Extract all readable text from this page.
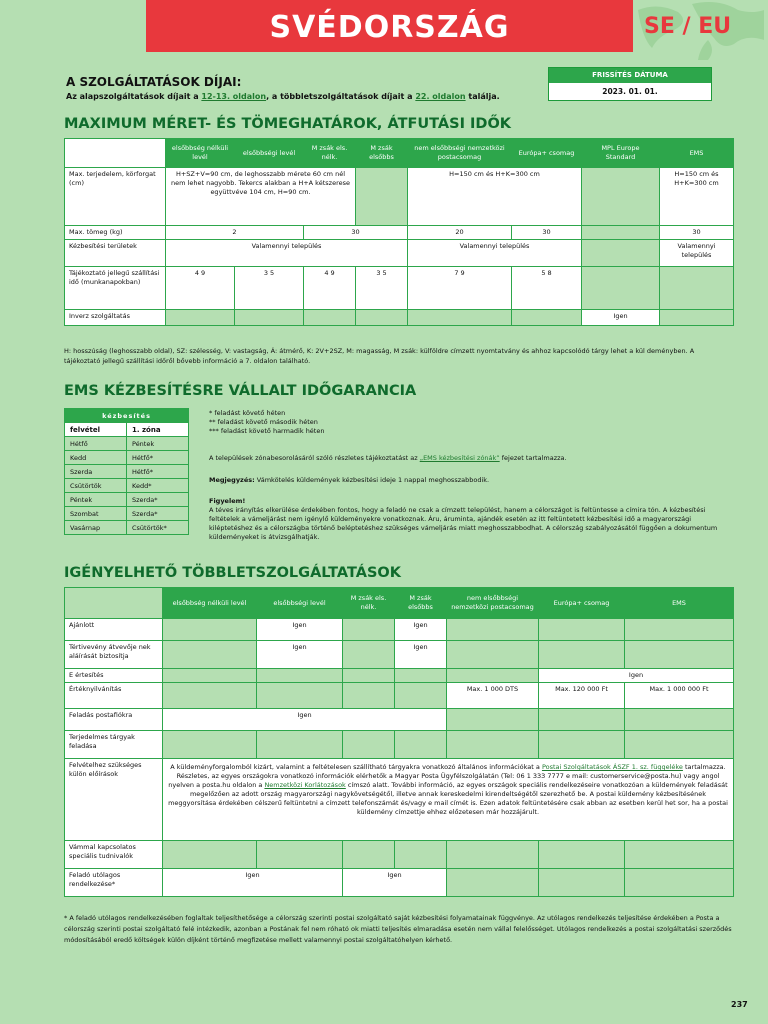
SVÉDORSZÁG	SE / EU
A SZOLGÁLTATÁSOK DÍJAI:
Az alapszolgáltatások díjait a 12-13. oldalon, a többletszolgáltatások díjait a 22. oldalon találja.
FRISSÍTÉS DÁTUMA
2023. 01. 01.
MAXIMUM MÉRET- ÉS TÖMEGHATÁROK, ÁTFUTÁSI IDŐK
	elsőbbség nélküli levél	elsőbbségi levél	M zsák els. nélk.	M zsák elsőbbs	nem elsőbbségi nemzetközi postacsomag	Európa+ csomag	MPL Europe Standard	EMS
Max. terjedelem, körforgat (cm)	H+SZ+V=90 cm, de leghosszabb mérete 60 cm nél nem lehet nagyobb. Tekercs alakban a H+A kétszerese együttvéve 104 cm, H=90 cm.				H=150 cm és H+K=300 cm			H=150 cm és H+K=300 cm
Max. tömeg (kg)	2		30		20	30		30
Kézbesítési területek	Valamennyi település				Valamennyi település			Valamennyi település
Tájékoztató jellegű szállítási idő (munkanapokban)	4 9	3 5	4 9	3 5	7 9	5 8		
Inverz szolgáltatás							Igen	
H: hosszúság (leghosszabb oldal), SZ: szélesség, V: vastagság, Á: átmérő, K: 2V+2SZ, M: magasság, M zsák: külföldre címzett nyomtatvány és ahhoz kapcsolódó tárgy lehet a kül deményben. A tájékoztató jellegű szállítási időről bővebb információ a 7. oldalon található.
EMS KÉZBESÍTÉSRE VÁLLALT IDŐGARANCIA
kézbesítés	
felvétel	1. zóna
Hétfő	Péntek
Kedd	Hétfő*
Szerda	Hétfő*
Csütörtök	Kedd*
Péntek	Szerda*
Szombat	Szerda*
Vasárnap	Csütörtök*
* feladást követő héten
** feladást követő második héten
*** feladást követő harmadik héten
A települések zónabesorolásáról szóló részletes tájékoztatást az „EMS kézbesítési zónák” fejezet tartalmazza.
Megjegyzés: Vámkötelés küldemények kézbesítési ideje 1 nappal meghosszabbodik.
Figyelem!
A téves irányítás elkerülése érdekében fontos, hogy a feladó ne csak a címzett települést, hanem a célországot is feltüntesse a címira tón. A kézbesítési feltételek a vámeljárást nem igénylő küldeményekre vonatkoznak. Áru, áruminta, ajándék esetén az itt feltüntetett kézbesítési idő a magyarországi kiléptetéshez és a célországba történő beléptetéshez szükséges vámeljárás miatt meghosszabbodhat. A célország szabályozásától függően a dokumentum küldeményeket is átvizsgálhatják.
IGÉNYELHETŐ TÖBBLETSZOLGÁLTATÁSOK
	elsőbbség nélküli levél	elsőbbségi levél	M zsák els. nélk.	M zsák elsőbbs	nem elsőbbségi nemzetközi postacsomag	Európa+ csomag	EMS
Ajánlott		Igen		Igen			
Tértivevény átvevője nek aláírását biztosítja		Igen		Igen			
E értesítés						Igen	
Értéknyilvánítás					Max. 1 000 DTS	Max. 120 000 Ft	Max. 1 000 000 Ft
Feladás postafiókra	Igen						
Terjedelmes tárgyak feladása							
Felvételhez szükséges külön előírások	A küldeményforgalomból kizárt, valamint a feltételesen szállítható tárgyakra vonatkozó általános információkat a Postai Szolgáltatások ÁSZF 1. sz. függeléke tartalmazza. Részletes, az egyes országokra vonatkozó információk elérhetők a Magyar Posta Ügyfélszolgálatán (Tel: 06 1 333 7777 e mail: customerservice@posta.hu) vagy angol nyelven a posta.hu oldalon a Nemzetközi Korlátozások címszó alatt. További információ, az egyes országok speciális rendelkezéseire vonatkozóan a küldemények feladását megelőzően az adott ország magyarországi nagykövetségétől, illetve annak kereskedelmi kirendeltségétől szerezhető be. A postai küldemény kézbesítésének meggyorsítása érdekében célszerű feltüntetni a címzett telefonszámát és/vagy e mail címét is. Ezen adatok feltüntetésére csak abban az esetben kerül het sor, ha a postai küldemény címzettje ehhez előzetesen már hozzájárult.						
Vámmal kapcsolatos speciális tudnivalók							
Feladó utólagos rendelkezése*	Igen		Igen				
* A feladó utólagos rendelkezésében foglaltak teljesíthetősége a célország szerinti postai szolgáltató saját kézbesítési folyamatainak függvénye. Az utólagos rendelkezés teljesítése érdekében a Posta a célország szerinti postai szolgáltató felé intézkedik, azonban a Postának fel nem róható ok miatti teljesítés elmaradása esetén nem vállal felelősséget. Utólagos rendelkezés a postai szolgáltatási szerződés módosításából eredő költségek külön díjként történő megfizetése mellett valamennyi postai szolgáltatóhelyen kérhető.
237
